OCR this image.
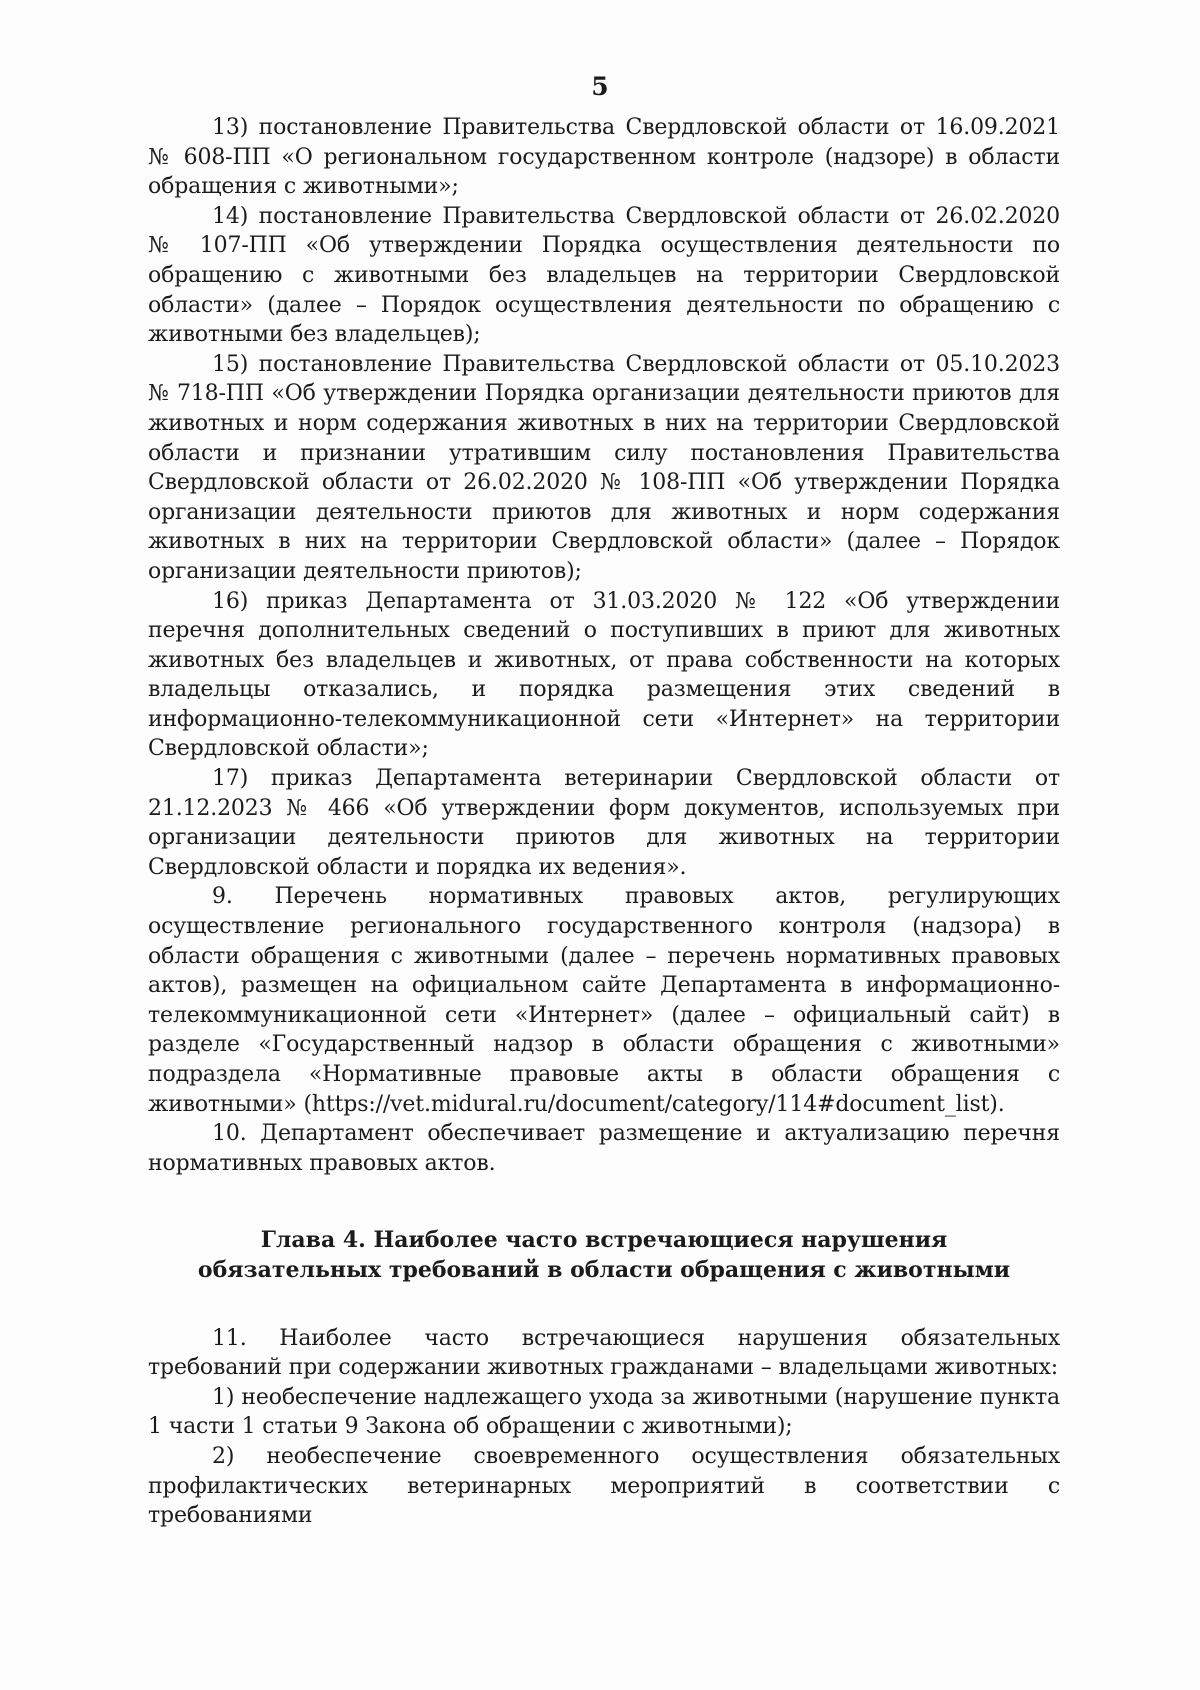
5

13) постановление Правительства Свердловской области от 16.09.2021 № 608-ПП «О региональном государственном контроле (надзоре) в области обращения с животными»;

14) постановление Правительства Свердловской области от 26.02.2020 № 107-ПП «Об утверждении Порядка осуществления деятельности по обращению с животными без владельцев на территории Свердловской области» (далее – Порядок осуществления деятельности по обращению с животными без владельцев);

15) постановление Правительства Свердловской области от 05.10.2023 № 718-ПП «Об утверждении Порядка организации деятельности приютов для животных и норм содержания животных в них на территории Свердловской области и признании утратившим силу постановления Правительства Свердловской области от 26.02.2020 № 108-ПП «Об утверждении Порядка организации деятельности приютов для животных и норм содержания животных в них на территории Свердловской области» (далее – Порядок организации деятельности приютов);

16) приказ Департамента от 31.03.2020 № 122 «Об утверждении перечня дополнительных сведений о поступивших в приют для животных животных без владельцев и животных, от права собственности на которых владельцы отказались, и порядка размещения этих сведений в информационно-телекоммуникационной сети «Интернет» на территории Свердловской области»;

17) приказ Департамента ветеринарии Свердловской области от 21.12.2023 № 466 «Об утверждении форм документов, используемых при организации деятельности приютов для животных на территории Свердловской области и порядка их ведения».

9. Перечень нормативных правовых актов, регулирующих осуществление регионального государственного контроля (надзора) в области обращения с животными (далее – перечень нормативных правовых актов), размещен на официальном сайте Департамента в информационно-телекоммуникационной сети «Интернет» (далее – официальный сайт) в разделе «Государственный надзор в области обращения с животными» подраздела «Нормативные правовые акты в области обращения с животными» (https://vet.midural.ru/document/category/114#document_list).

10. Департамент обеспечивает размещение и актуализацию перечня нормативных правовых актов.

Глава 4. Наиболее часто встречающиеся нарушения
обязательных требований в области обращения с животными

11. Наиболее часто встречающиеся нарушения обязательных требований при содержании животных гражданами – владельцами животных:

1) необеспечение надлежащего ухода за животными (нарушение пункта 1 части 1 статьи 9 Закона об обращении с животными);

2) необеспечение своевременного осуществления обязательных профилактических ветеринарных мероприятий в соответствии с требованиями
